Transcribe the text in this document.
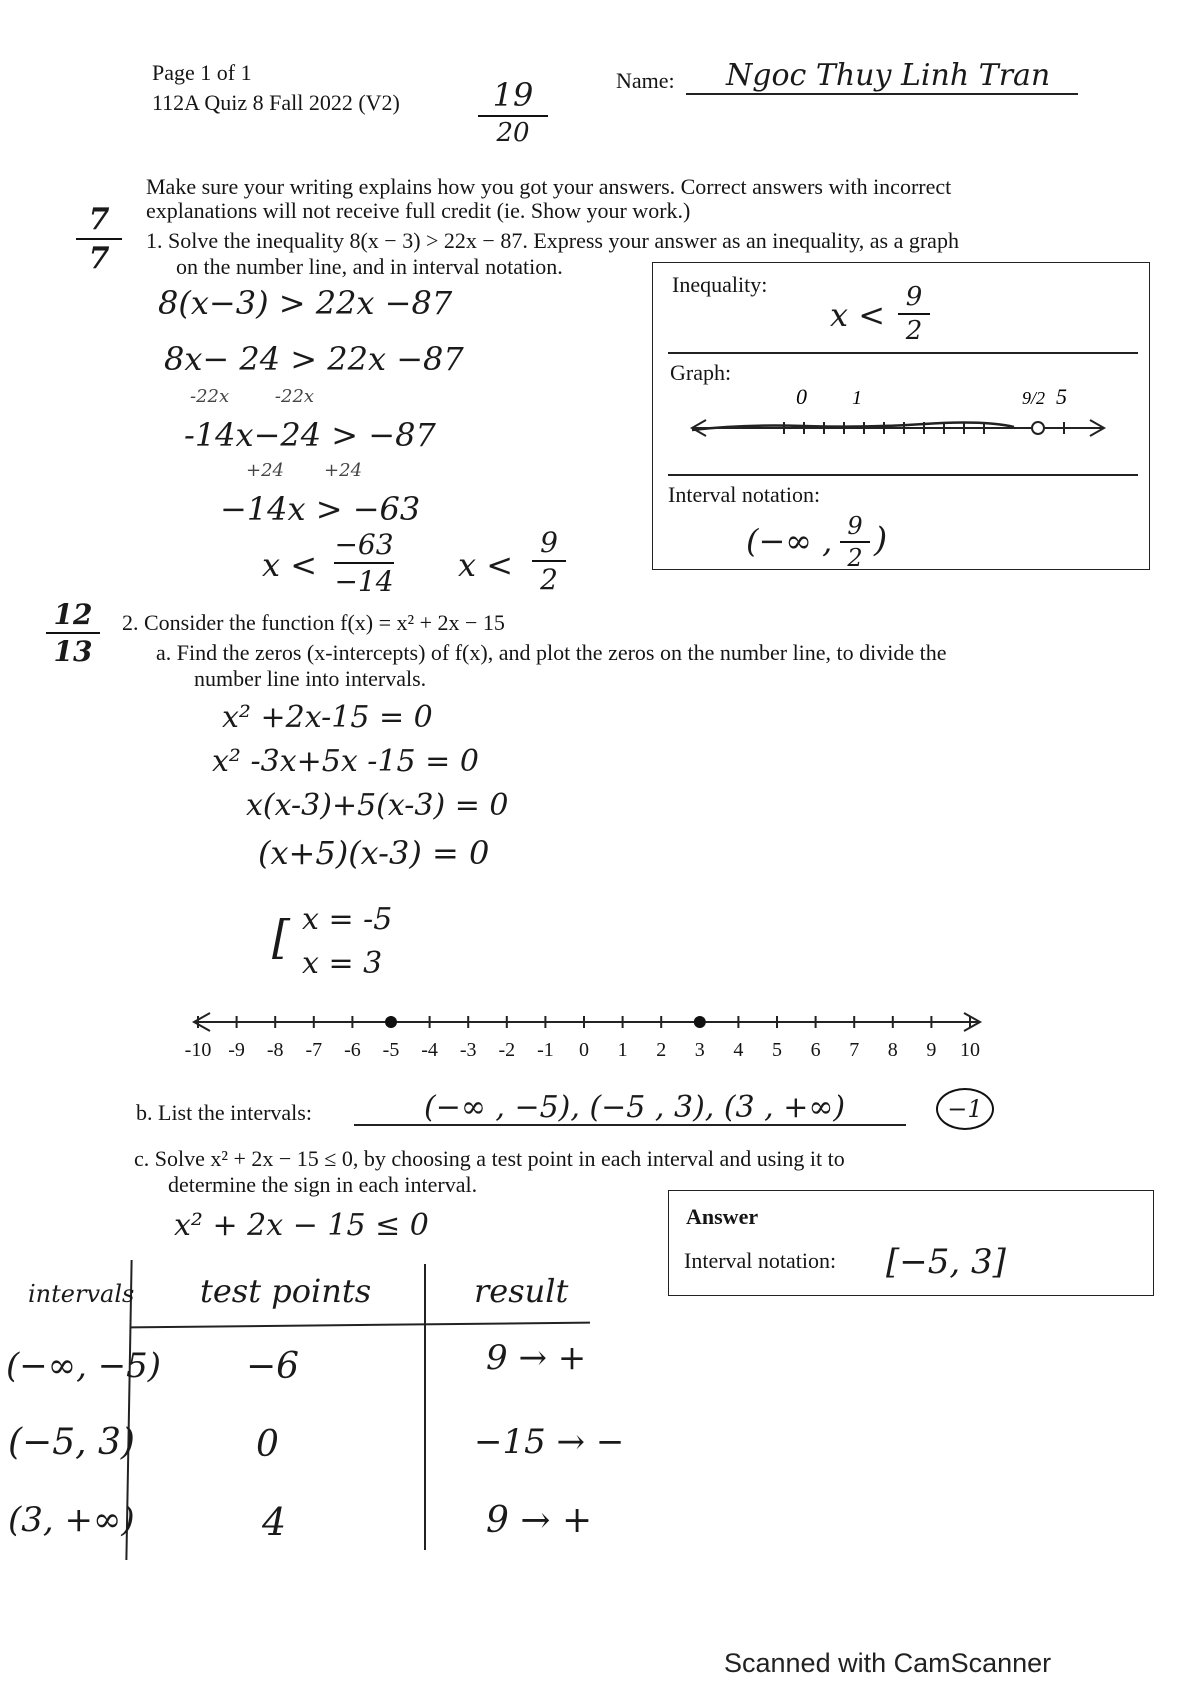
Page 1 of 1
112A Quiz 8 Fall 2022 (V2)	19
20
Name: Ngoc Thuy Linh Tran
Make sure your writing explains how you got your answers. Correct answers with incorrect
explanations will not receive full credit (ie. Show your work.)
7
7
1. Solve the inequality 8(x − 3) > 22x − 87. Express your answer as an inequality, as a graph
on the number line, and in interval notation.
8(x−3) > 22x −87
8x− 24 > 22x −87
-22x        -22x
-14x−24 > −87
+24       +24
−14x > −63
x <
−63
−14 x <
9
2
Inequality:
x < 9
2
Graph:
0 1	9/2 5
Interval notation:
(−∞ , 9
2 )
12
13
2. Consider the function f(x) = x² + 2x − 15
a. Find the zeros (x-intercepts) of f(x), and plot the zeros on the number line, to divide the
number line into intervals.
x² +2x-15 = 0
x² -3x+5x -15 = 0
x(x-3)+5(x-3) = 0
(x+5)(x-3) = 0
[ x = -5
x = 3
-10 -9 -8 -7 -6 -5 -4 -3 -2 -1 0 1 2 3 4 5 6 7 8 9 10
b. List the intervals:	(−∞ , −5), (−5 , 3), (3 , +∞)	−1
c. Solve x² + 2x − 15 ≤ 0, by choosing a test point in each interval and using it to
determine the sign in each interval.
x² + 2x − 15 ≤ 0	Answer
Interval notation: [−5, 3]
intervals test points	result
(−∞, −5) −6	9 → +
(−5, 3)	0	−15 → −
(3, +∞)	4	9 → +
Scanned with CamScanner
